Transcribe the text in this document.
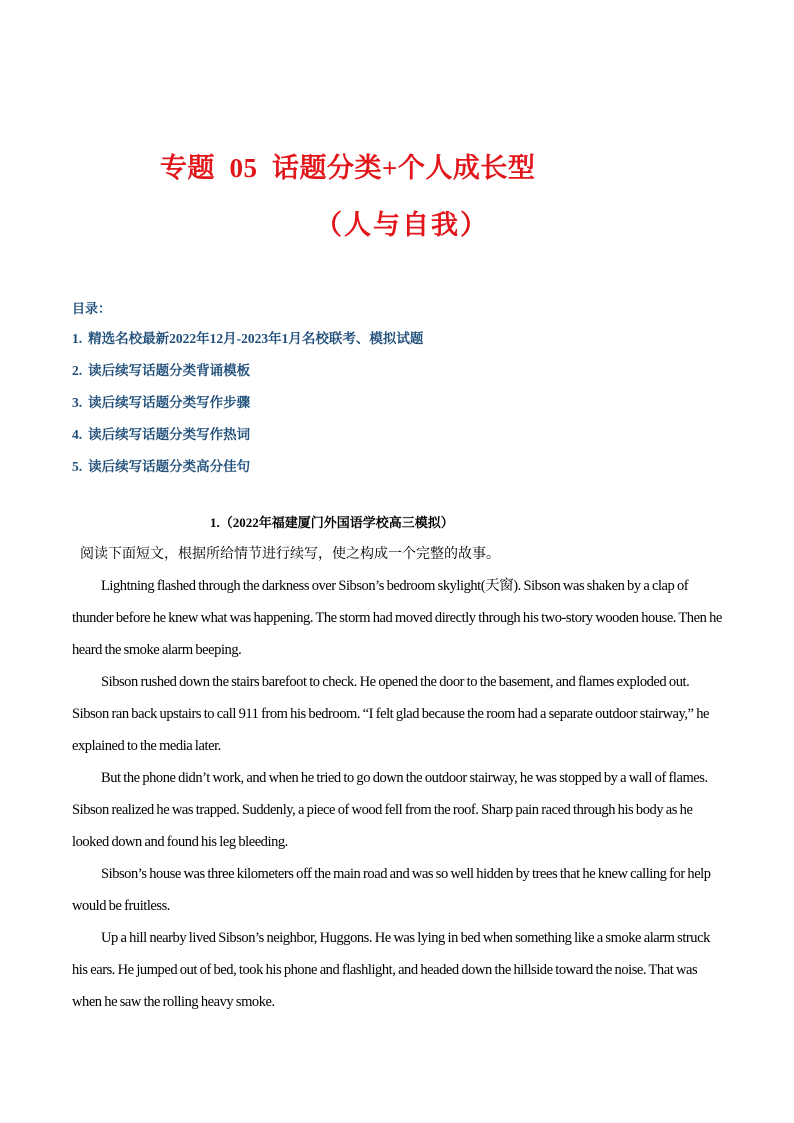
专题  05  话题分类+个人成长型
（人与自我）
目录：
1. 精选名校最新2022年12月-2023年1月名校联考、模拟试题
2. 读后续写话题分类背诵模板
3. 读后续写话题分类写作步骤
4. 读后续写话题分类写作热词
5. 读后续写话题分类高分佳句
1.（2022年福建厦门外国语学校高三模拟）
阅读下面短文，根据所给情节进行续写，使之构成一个完整的故事。

Lightning flashed through the darkness over Sibson’s bedroom skylight(天窗). Sibson was shaken by a clap of thunder before he knew what was happening. The storm had moved directly through his two-story wooden house. Then he heard the smoke alarm beeping.

Sibson rushed down the stairs barefoot to check. He opened the door to the basement, and flames exploded out. Sibson ran back upstairs to call 911 from his bedroom. “I felt glad because the room had a separate outdoor stairway,” he explained to the media later.

But the phone didn’t work, and when he tried to go down the outdoor stairway, he was stopped by a wall of flames. Sibson realized he was trapped. Suddenly, a piece of wood fell from the roof. Sharp pain raced through his body as he looked down and found his leg bleeding.

Sibson’s house was three kilometers off the main road and was so well hidden by trees that he knew calling for help would be fruitless.

Up a hill nearby lived Sibson’s neighbor, Huggons. He was lying in bed when something like a smoke alarm struck his ears. He jumped out of bed, took his phone and flashlight, and headed down the hillside toward the noise. That was when he saw the rolling heavy smoke.
